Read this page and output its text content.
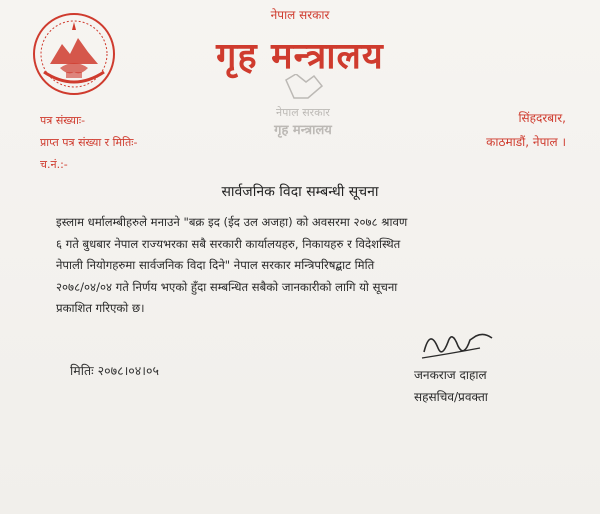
नेपाल सरकार
गृह मन्त्रालय
नेपाल सरकार
गृह मन्त्रालय
पत्र संख्याः-
प्राप्त पत्र संख्या र मितिः-
च.नं.:-
सिंहदरबार,
काठमाडौं, नेपाल ।
सार्वजनिक विदा सम्बन्धी सूचना
इस्लाम धर्मालम्बीहरुले मनाउने "बक्र इद (ईद उल अजहा) को अवसरमा २०७८ श्रावण
६ गते बुधबार नेपाल राज्यभरका सबै सरकारी कार्यालयहरु, निकायहरु र विदेशस्थित
नेपाली नियोगहरुमा सार्वजनिक विदा दिने" नेपाल सरकार मन्त्रिपरिषद्बाट मिति
२०७८/०४/०४ गते निर्णय भएको हुँदा सम्बन्धित सबैको जानकारीको लागि यो सूचना
प्रकाशित गरिएको छ।
मितिः २०७८।०४।०५	जनकराज दाहाल
सहसचिव/प्रवक्ता
